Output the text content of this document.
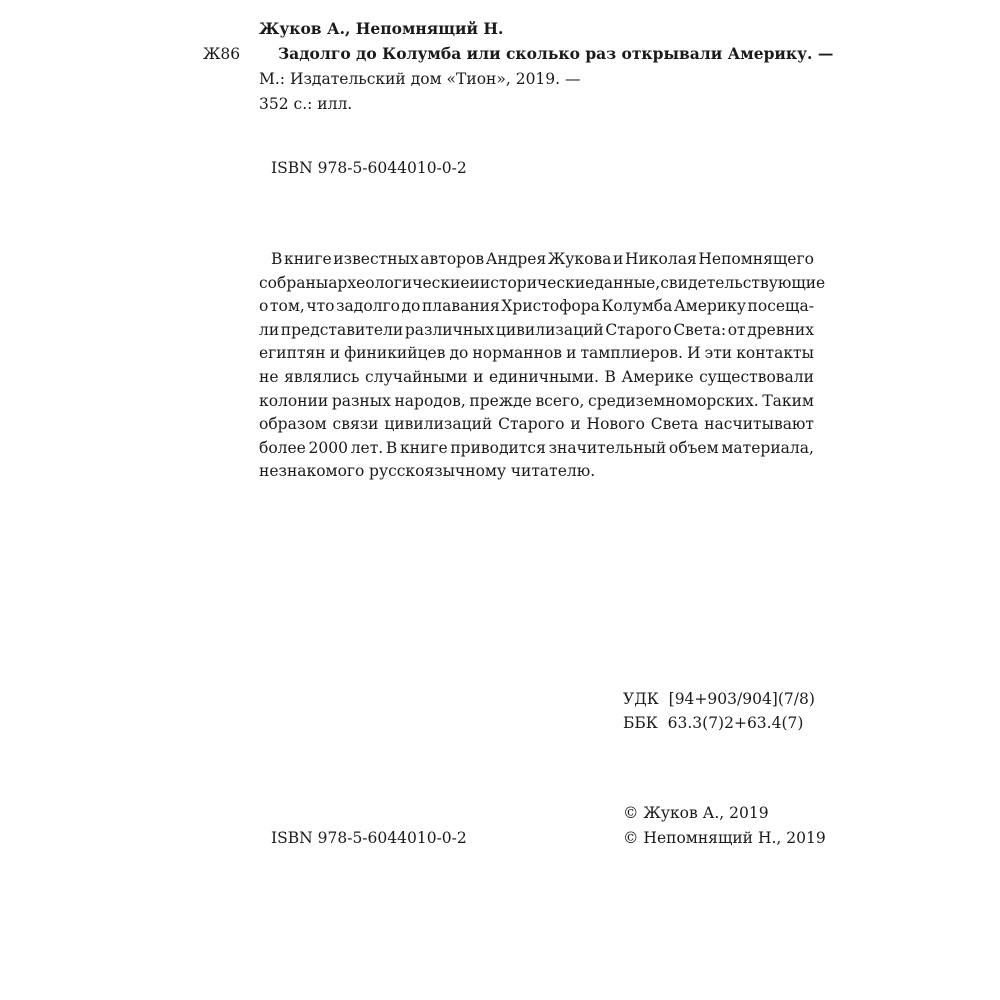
Жуков А., Непомнящий Н.

Ж86 Задолго до Колумба или сколько раз открывали Америку. —

М.: Издательский дом «Тион», 2019. —

352 с.: илл.

ISBN 978-5-6044010-0-2

В книге известных авторов Андрея Жукова и Николая Непомнящего
собраны археологические и исторические данные, свидетельствующие
о том, что задолго до плавания Христофора Колумба Америку посеща-
ли представители различных цивилизаций Старого Света: от древних
египтян и финикийцев до норманнов и тамплиеров. И эти контакты
не являлись случайными и единичными. В Америке существовали
колонии разных народов, прежде всего, средиземноморских. Таким
образом связи цивилизаций Старого и Нового Света насчитывают
более 2000 лет. В книге приводится значительный объем материала,
незнакомого русскоязычному читателю.

УДК  [94+903/904](7/8)

ББК  63.3(7)2+63.4(7)

© Жуков А., 2019

© Непомнящий Н., 2019

ISBN 978-5-6044010-0-2
